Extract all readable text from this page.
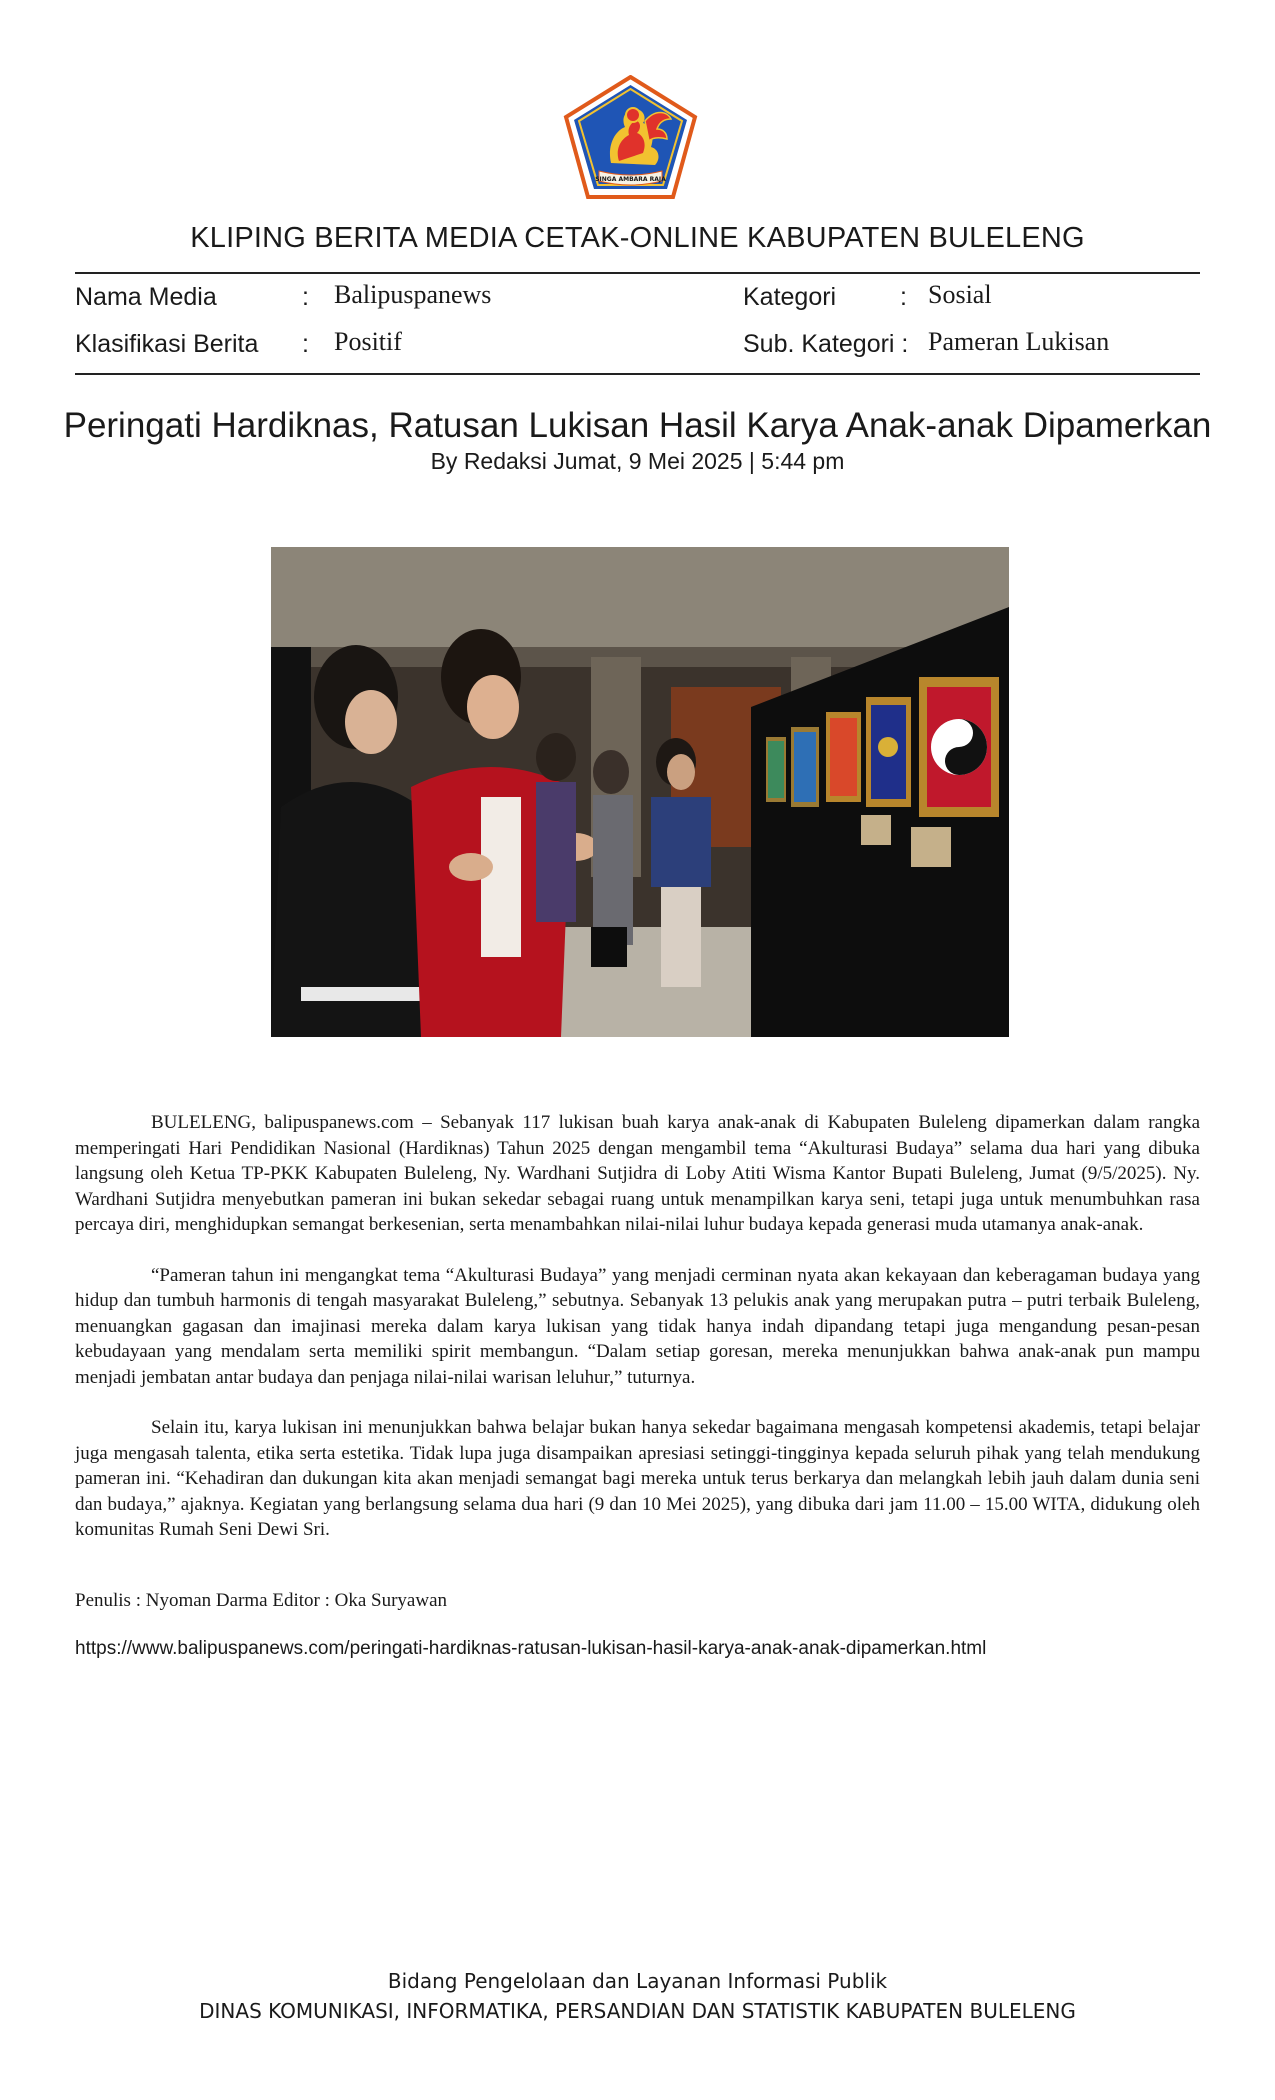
SINGA AMBARA RAJA
KLIPING BERITA MEDIA CETAK-ONLINE KABUPATEN BULELENG
Nama Media	: Balipuspanews	Kategori	: Sosial
Klasifikasi Berita : Positif	Sub. Kategori : Pameran Lukisan
Peringati Hardiknas, Ratusan Lukisan Hasil Karya Anak-anak Dipamerkan
By Redaksi Jumat, 9 Mei 2025 | 5:44 pm

BULELENG, balipuspanews.com – Sebanyak 117 lukisan buah karya anak-anak di Kabupaten Buleleng dipamerkan dalam rangka memperingati Hari Pendidikan Nasional (Hardiknas) Tahun 2025 dengan mengambil tema “Akulturasi Budaya” selama dua hari yang dibuka langsung oleh Ketua TP-PKK Kabupaten Buleleng, Ny. Wardhani Sutjidra di Loby Atiti Wisma Kantor Bupati Buleleng, Jumat (9/5/2025). Ny. Wardhani Sutjidra menyebutkan pameran ini bukan sekedar sebagai ruang untuk menampilkan karya seni, tetapi juga untuk menumbuhkan rasa percaya diri, menghidupkan semangat berkesenian, serta menambahkan nilai-nilai luhur budaya kepada generasi muda utamanya anak-anak.

“Pameran tahun ini mengangkat tema “Akulturasi Budaya” yang menjadi cerminan nyata akan kekayaan dan keberagaman budaya yang hidup dan tumbuh harmonis di tengah masyarakat Buleleng,” sebutnya. Sebanyak 13 pelukis anak yang merupakan putra – putri terbaik Buleleng, menuangkan gagasan dan imajinasi mereka dalam karya lukisan yang tidak hanya indah dipandang tetapi juga mengandung pesan-pesan kebudayaan yang mendalam serta memiliki spirit membangun. “Dalam setiap goresan, mereka menunjukkan bahwa anak-anak pun mampu menjadi jembatan antar budaya dan penjaga nilai-nilai warisan leluhur,” tuturnya.

Selain itu, karya lukisan ini menunjukkan bahwa belajar bukan hanya sekedar bagaimana mengasah kompetensi akademis, tetapi belajar juga mengasah talenta, etika serta estetika. Tidak lupa juga disampaikan apresiasi setinggi-tingginya kepada seluruh pihak yang telah mendukung pameran ini. “Kehadiran dan dukungan kita akan menjadi semangat bagi mereka untuk terus berkarya dan melangkah lebih jauh dalam dunia seni dan budaya,” ajaknya. Kegiatan yang berlangsung selama dua hari (9 dan 10 Mei 2025), yang dibuka dari jam 11.00 – 15.00 WITA, didukung oleh komunitas Rumah Seni Dewi Sri.

Penulis : Nyoman Darma Editor : Oka Suryawan
https://www.balipuspanews.com/peringati-hardiknas-ratusan-lukisan-hasil-karya-anak-anak-dipamerkan.html
Bidang Pengelolaan dan Layanan Informasi Publik
DINAS KOMUNIKASI, INFORMATIKA, PERSANDIAN DAN STATISTIK KABUPATEN BULELENG
